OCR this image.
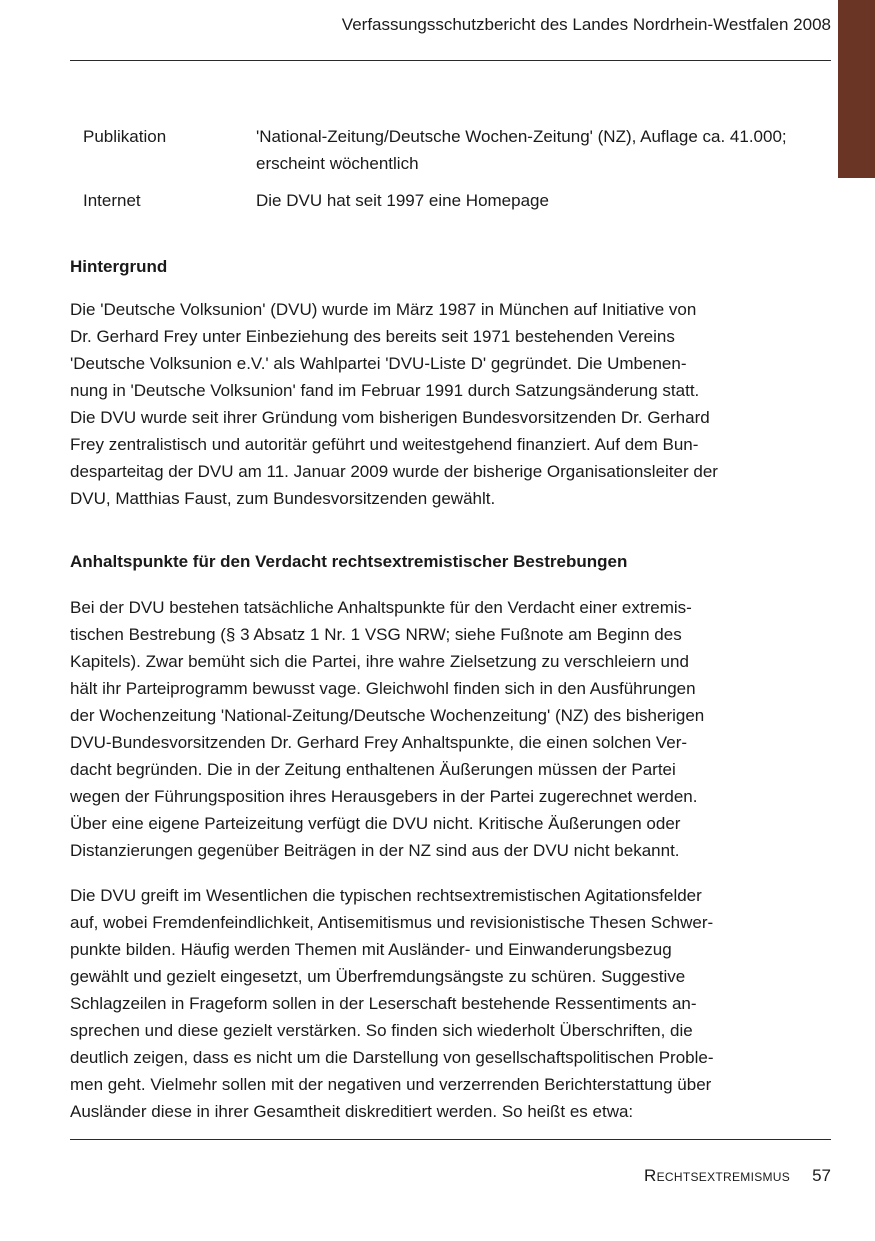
Verfassungsschutzbericht des Landes Nordrhein-Westfalen 2008
Publikation	'National-Zeitung/Deutsche Wochen-Zeitung' (NZ), Auflage ca. 41.000; erscheint wöchentlich
Internet	Die DVU hat seit 1997 eine Homepage
Hintergrund
Die 'Deutsche Volksunion' (DVU) wurde im März 1987 in München auf Initiative von
Dr. Gerhard Frey unter Einbeziehung des bereits seit 1971 bestehenden Vereins
'Deutsche Volksunion e.V.' als Wahlpartei 'DVU-Liste D' gegründet. Die Umbenen-
nung in 'Deutsche Volksunion' fand im Februar 1991 durch Satzungsänderung statt.
Die DVU wurde seit ihrer Gründung vom bisherigen Bundesvorsitzenden Dr. Gerhard
Frey zentralistisch und autoritär geführt und weitestgehend finanziert. Auf dem Bun-
desparteitag der DVU am 11. Januar 2009 wurde der bisherige Organisationsleiter der
DVU, Matthias Faust, zum Bundesvorsitzenden gewählt.
Anhaltspunkte für den Verdacht rechtsextremistischer Bestrebungen
Bei der DVU bestehen tatsächliche Anhaltspunkte für den Verdacht einer extremis-
tischen Bestrebung (§ 3 Absatz 1 Nr. 1 VSG NRW; siehe Fußnote am Beginn des
Kapitels). Zwar bemüht sich die Partei, ihre wahre Zielsetzung zu verschleiern und
hält ihr Parteiprogramm bewusst vage. Gleichwohl finden sich in den Ausführungen
der Wochenzeitung 'National-Zeitung/Deutsche Wochenzeitung' (NZ) des bisherigen
DVU-Bundesvorsitzenden Dr. Gerhard Frey Anhaltspunkte, die einen solchen Ver-
dacht begründen. Die in der Zeitung enthaltenen Äußerungen müssen der Partei
wegen der Führungsposition ihres Herausgebers in der Partei zugerechnet werden.
Über eine eigene Parteizeitung verfügt die DVU nicht. Kritische Äußerungen oder
Distanzierungen gegenüber Beiträgen in der NZ sind aus der DVU nicht bekannt.
Die DVU greift im Wesentlichen die typischen rechtsextremistischen Agitationsfelder
auf, wobei Fremdenfeindlichkeit, Antisemitismus und revisionistische Thesen Schwer-
punkte bilden. Häufig werden Themen mit Ausländer- und Einwanderungsbezug
gewählt und gezielt eingesetzt, um Überfremdungsängste zu schüren. Suggestive
Schlagzeilen in Frageform sollen in der Leserschaft bestehende Ressentiments an-
sprechen und diese gezielt verstärken. So finden sich wiederholt Überschriften, die
deutlich zeigen, dass es nicht um die Darstellung von gesellschaftspolitischen Proble-
men geht. Vielmehr sollen mit der negativen und verzerrenden Berichterstattung über
Ausländer diese in ihrer Gesamtheit diskreditiert werden. So heißt es etwa:
Rechtsextremismus 57
